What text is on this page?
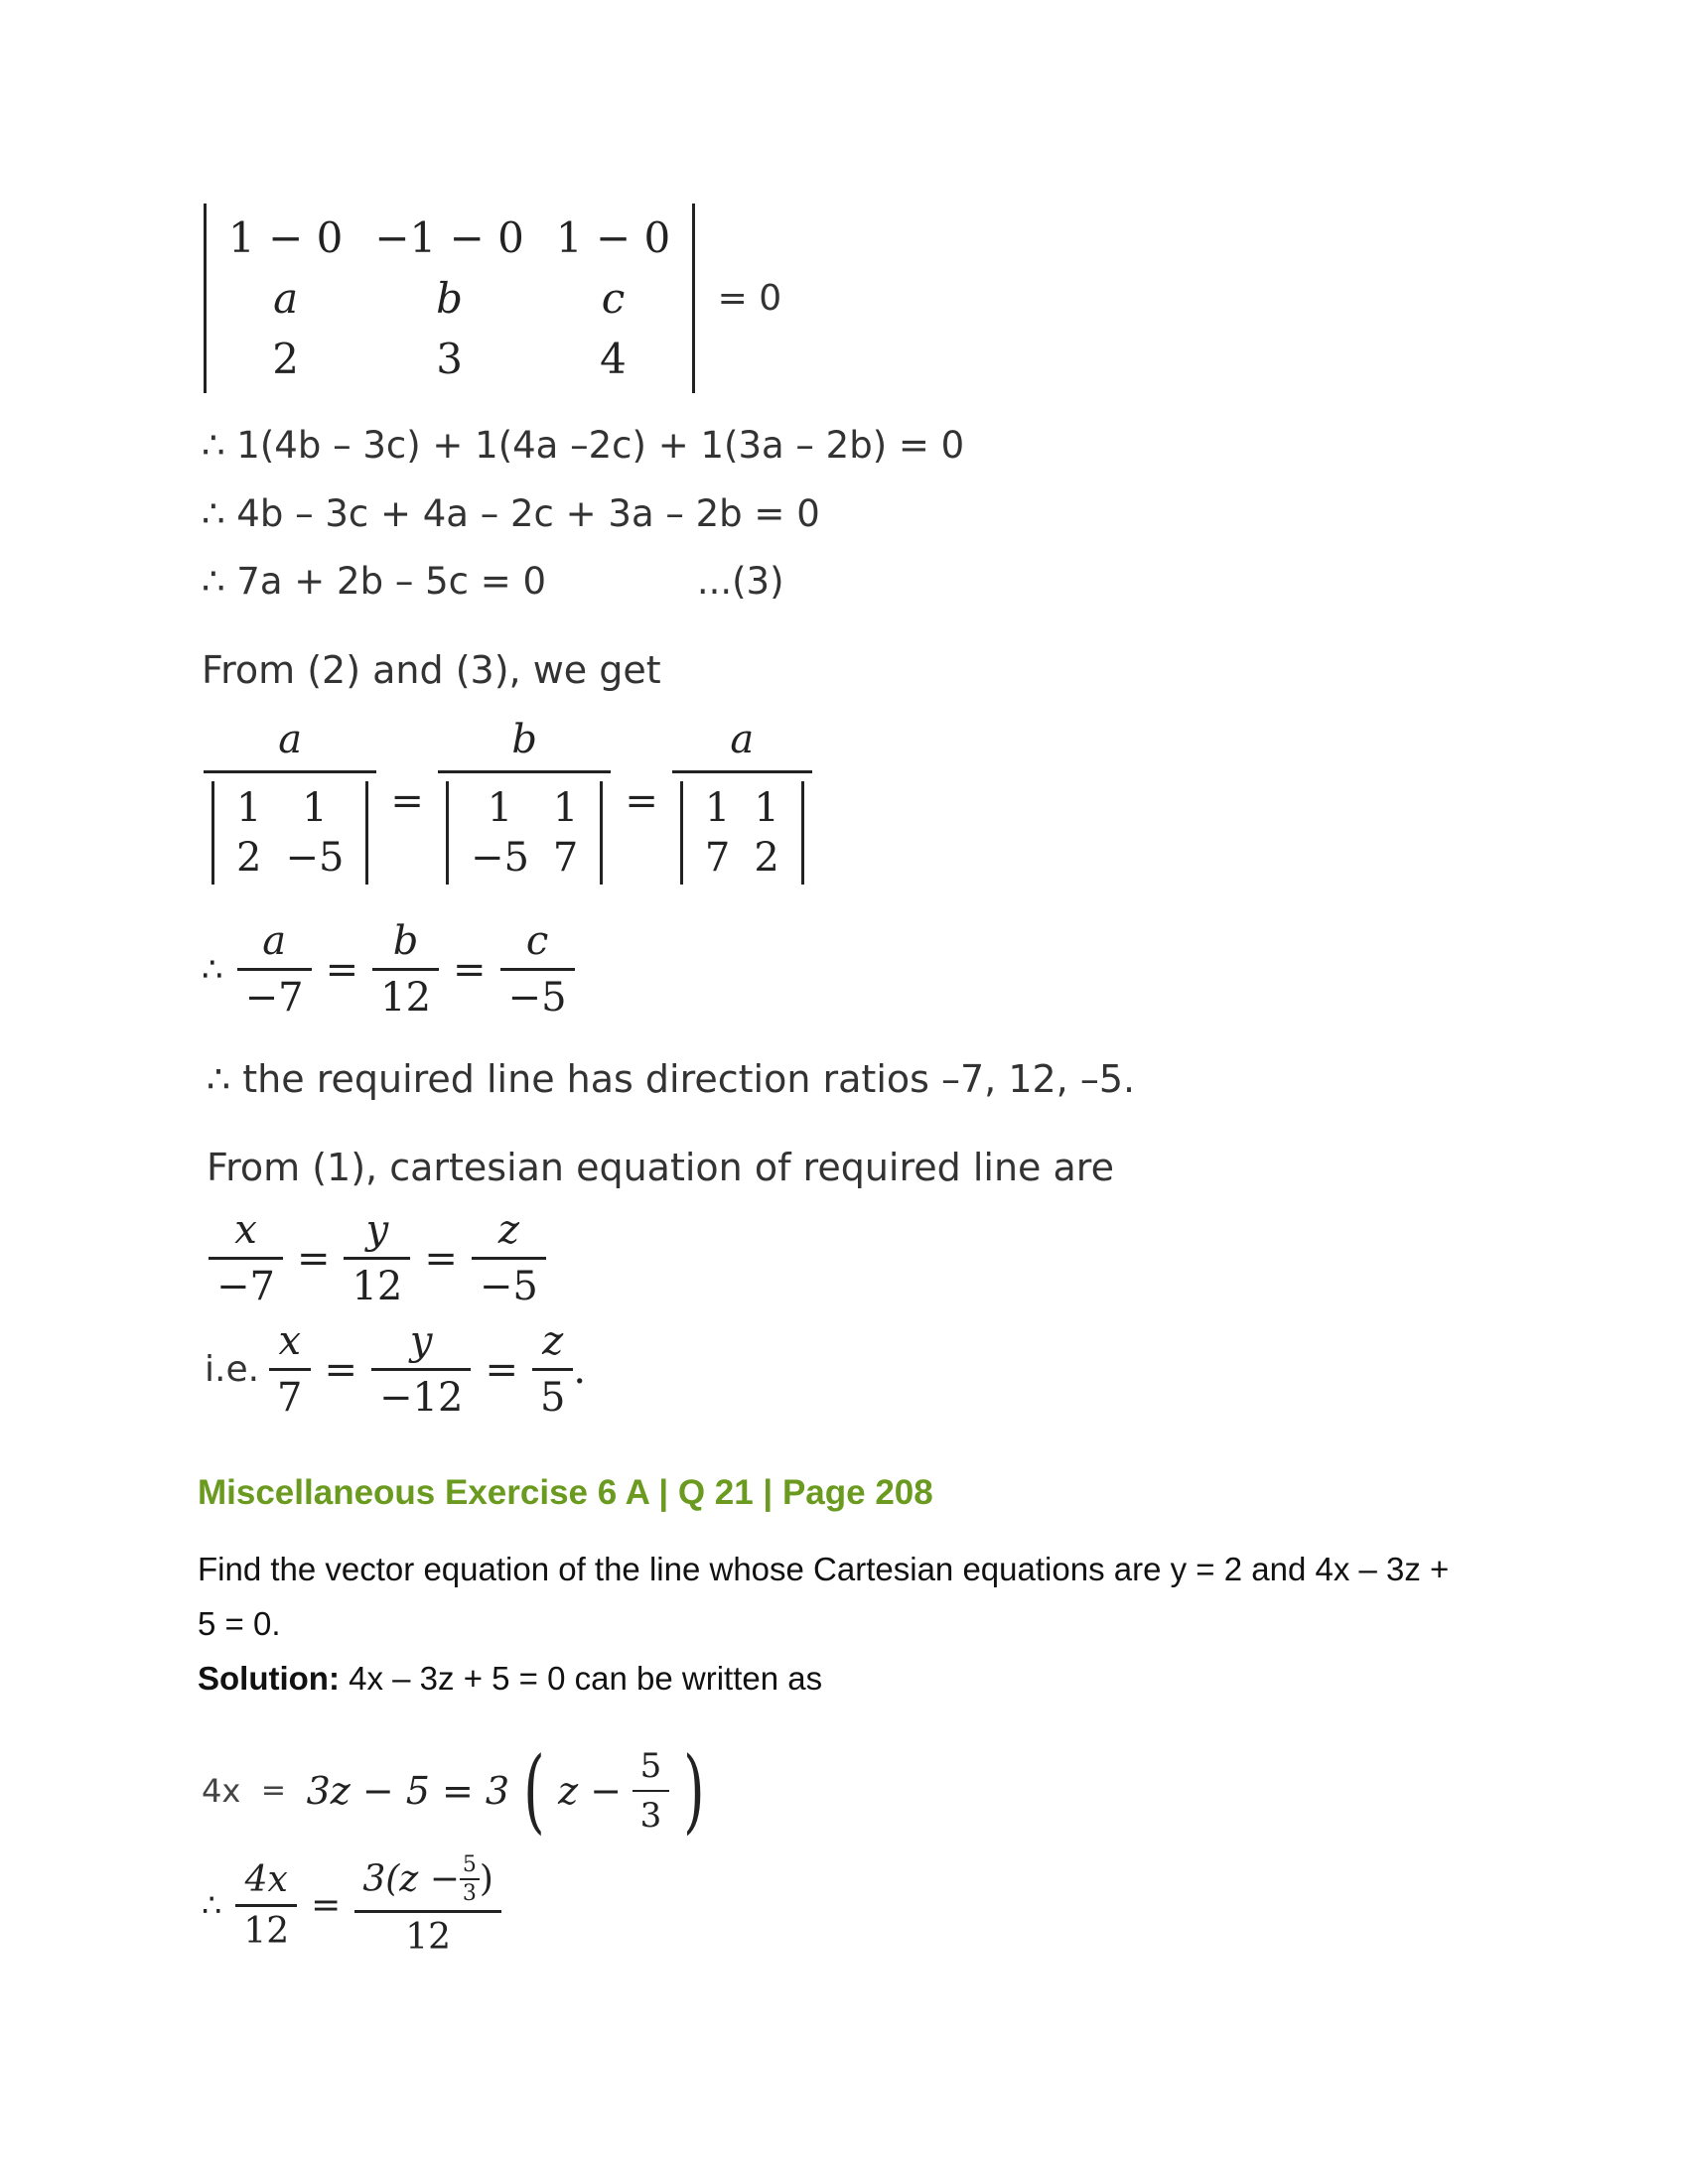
1 − 0	−1 − 0	1 − 0
a	b	c
2	3	4
= 0
∴ 1(4b – 3c) + 1(4a –2c) + 1(3a – 2b) = 0
∴ 4b – 3c + 4a – 2c + 3a – 2b = 0
∴ 7a + 2b – 5c = 0	...(3)
From (2) and (3), we get
a
1	1
2	−5 = b
1	1
−5	7 = a
1	1
7	2
∴ $\frac{a}{-7} = \frac{b}{12} = \frac{c}{-5}$
∴ the required line has direction ratios –7, 12, –5.
From (1), cartesian equation of required line are
$\frac{x}{-7} = \frac{y}{12} = \frac{z}{-5}$
i.e. $\frac{x}{7} = \frac{y}{-12} = \frac{z}{5}$ .
Miscellaneous Exercise 6 A | Q 21 | Page 208
Find the vector equation of the line whose Cartesian equations are y = 2 and 4x – 3z +
5 = 0.
Solution: 4x – 3z + 5 = 0 can be written as
4x = 3z − 5 = 3 ( $z - \frac{5}{3}$ )
∴ $\frac{4x}{12} = \frac{3(z - \frac{5}{3} )}{12}$
